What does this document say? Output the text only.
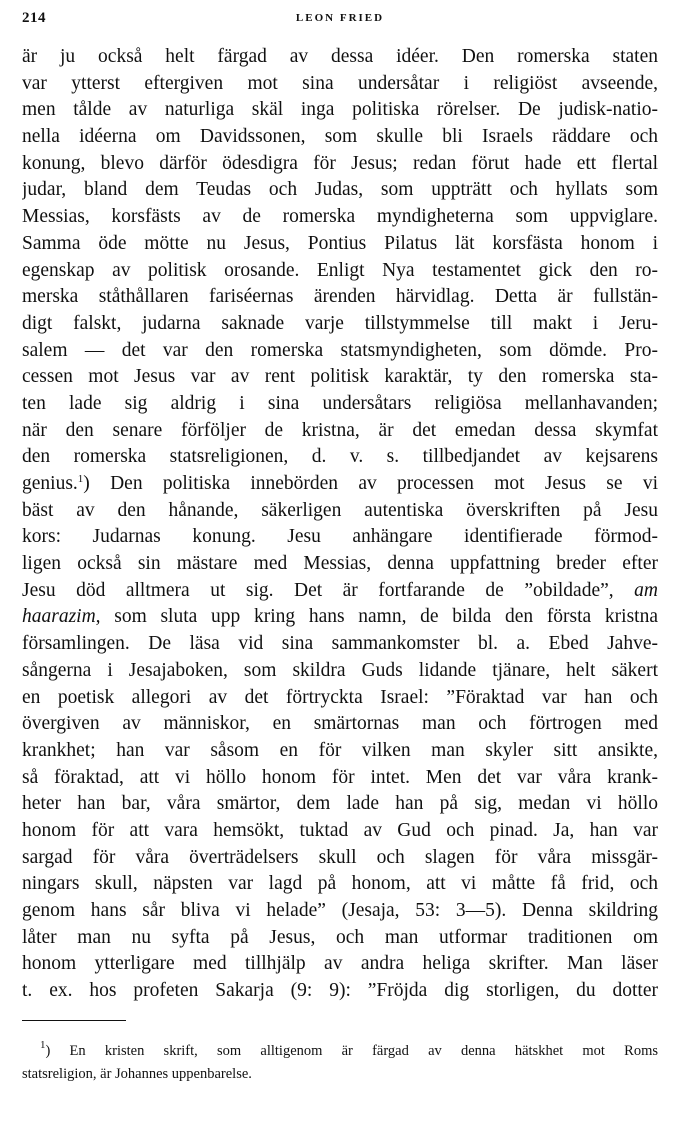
214	LEON FRIED
är ju också helt färgad av dessa idéer. Den romerska staten
var ytterst eftergiven mot sina undersåtar i religiöst avseende,
men tålde av naturliga skäl inga politiska rörelser. De judisk-natio-
nella idéerna om Davidssonen, som skulle bli Israels räddare och
konung, blevo därför ödesdigra för Jesus; redan förut hade ett flertal
judar, bland dem Teudas och Judas, som uppträtt och hyllats som
Messias, korsfästs av de romerska myndigheterna som uppviglare.
Samma öde mötte nu Jesus, Pontius Pilatus lät korsfästa honom i
egenskap av politisk orosande. Enligt Nya testamentet gick den ro-
merska ståthållaren fariséernas ärenden härvidlag. Detta är fullstän-
digt falskt, judarna saknade varje tillstymmelse till makt i Jeru-
salem — det var den romerska statsmyndigheten, som dömde. Pro-
cessen mot Jesus var av rent politisk karaktär, ty den romerska sta-
ten lade sig aldrig i sina undersåtars religiösa mellanhavanden;
när den senare förföljer de kristna, är det emedan dessa skymfat
den romerska statsreligionen, d. v. s. tillbedjandet av kejsarens
genius.$^1$) Den politiska innebörden av processen mot Jesus se vi
bäst av den hånande, säkerligen autentiska överskriften på Jesu
kors: Judarnas konung. Jesu anhängare identifierade förmod-
ligen också sin mästare med Messias, denna uppfattning breder efter
Jesu död alltmera ut sig. Det är fortfarande de ”obildade”, am
haarazim, som sluta upp kring hans namn, de bilda den första kristna
församlingen. De läsa vid sina sammankomster bl. a. Ebed Jahve-
sångerna i Jesajaboken, som skildra Guds lidande tjänare, helt säkert
en poetisk allegori av det förtryckta Israel: ”Föraktad var han och
övergiven av människor, en smärtornas man och förtrogen med
krankhet; han var såsom en för vilken man skyler sitt ansikte,
så föraktad, att vi höllo honom för intet. Men det var våra krank-
heter han bar, våra smärtor, dem lade han på sig, medan vi höllo
honom för att vara hemsökt, tuktad av Gud och pinad. Ja, han var
sargad för våra överträdelsers skull och slagen för våra missgär-
ningars skull, näpsten var lagd på honom, att vi måtte få frid, och
genom hans sår bliva vi helade” (Jesaja, 53: 3—5). Denna skildring
låter man nu syfta på Jesus, och man utformar traditionen om
honom ytterligare med tillhjälp av andra heliga skrifter. Man läser
t. ex. hos profeten Sakarja (9: 9): ”Fröjda dig storligen, du dotter
$^1$) En kristen skrift, som alltigenom är färgad av denna hätskhet mot Roms
statsreligion, är Johannes uppenbarelse.
